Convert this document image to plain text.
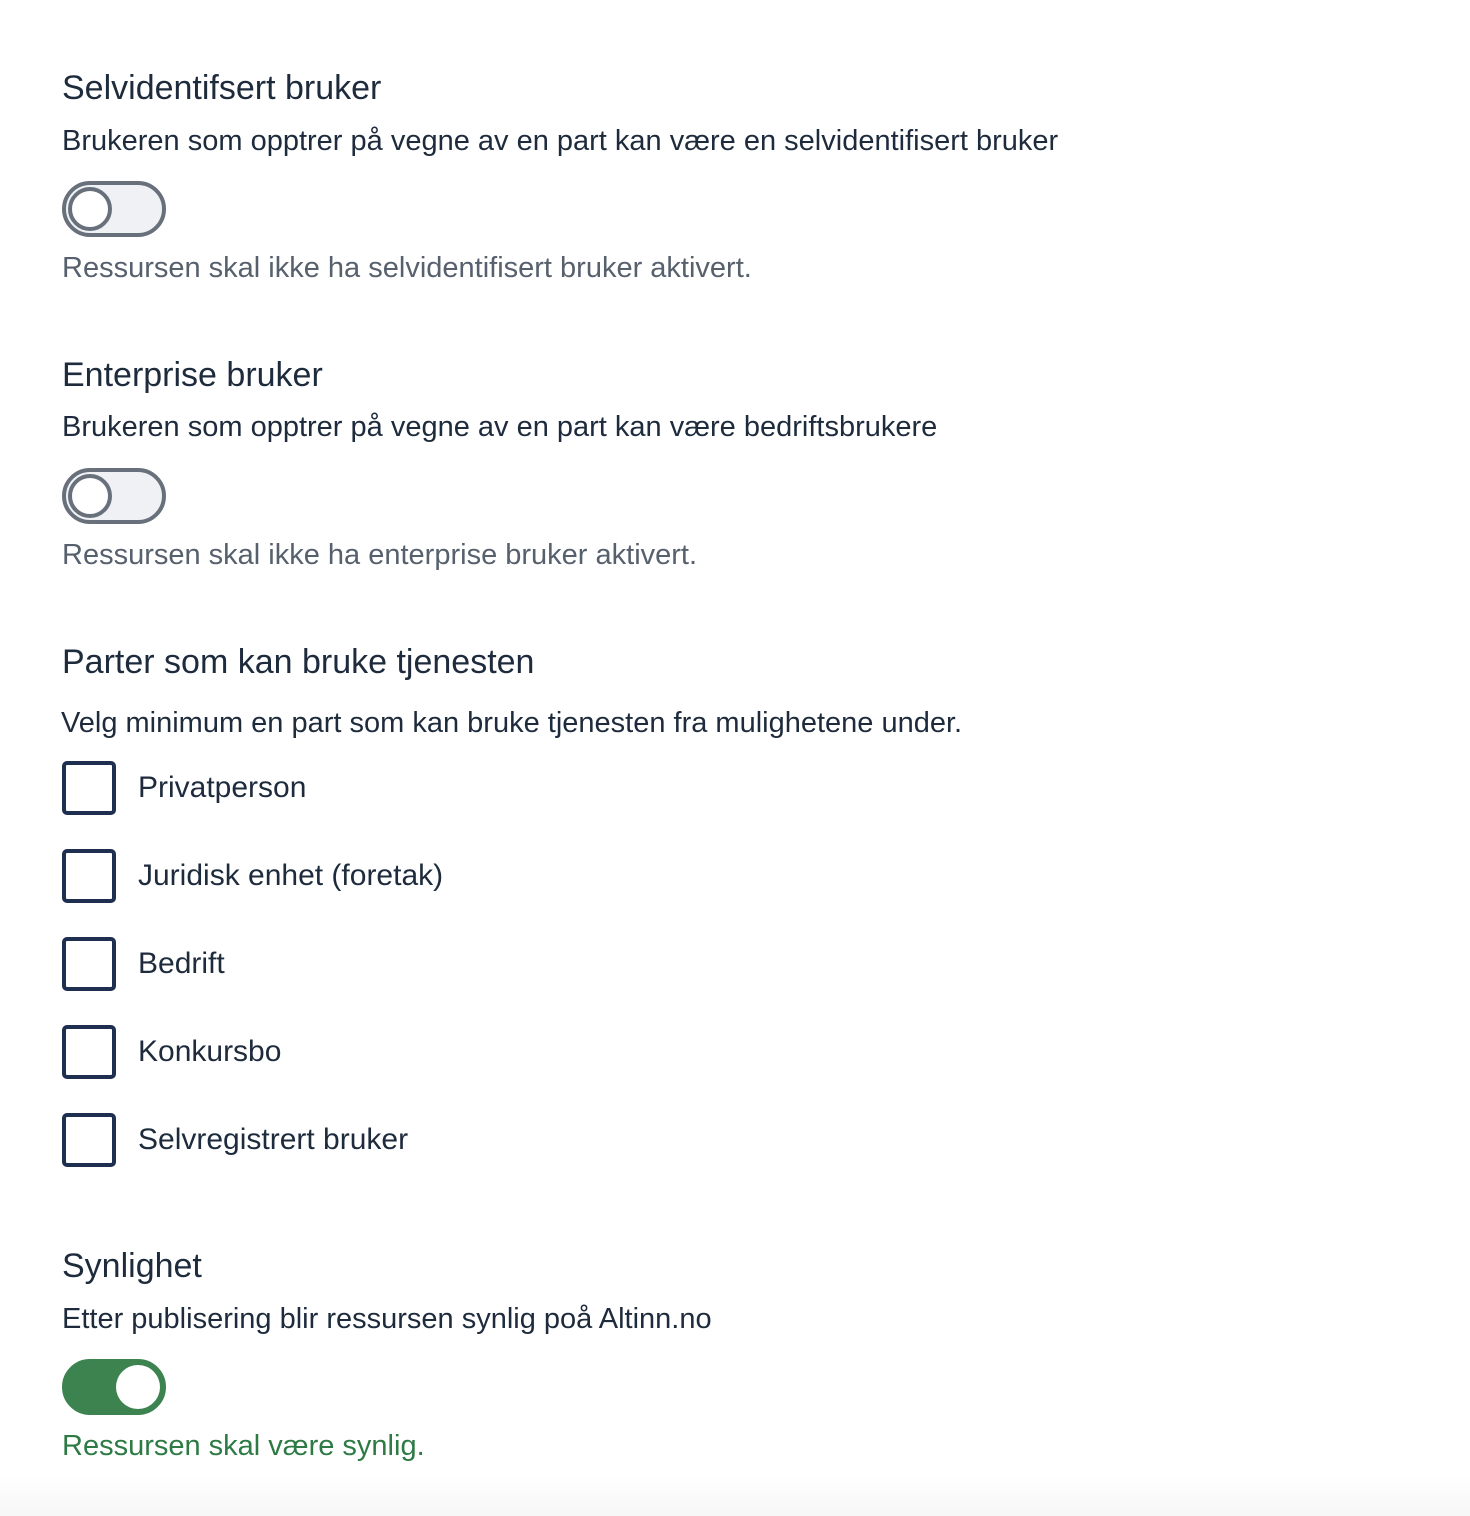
Selvidentifsert bruker
Brukeren som opptrer på vegne av en part kan være en selvidentifisert bruker
Ressursen skal ikke ha selvidentifisert bruker aktivert.
Enterprise bruker
Brukeren som opptrer på vegne av en part kan være bedriftsbrukere
Ressursen skal ikke ha enterprise bruker aktivert.
Parter som kan bruke tjenesten
Velg minimum en part som kan bruke tjenesten fra mulighetene under.
Privatperson
Juridisk enhet (foretak)
Bedrift
Konkursbo
Selvregistrert bruker
Synlighet
Etter publisering blir ressursen synlig poå Altinn.no
Ressursen skal være synlig.
